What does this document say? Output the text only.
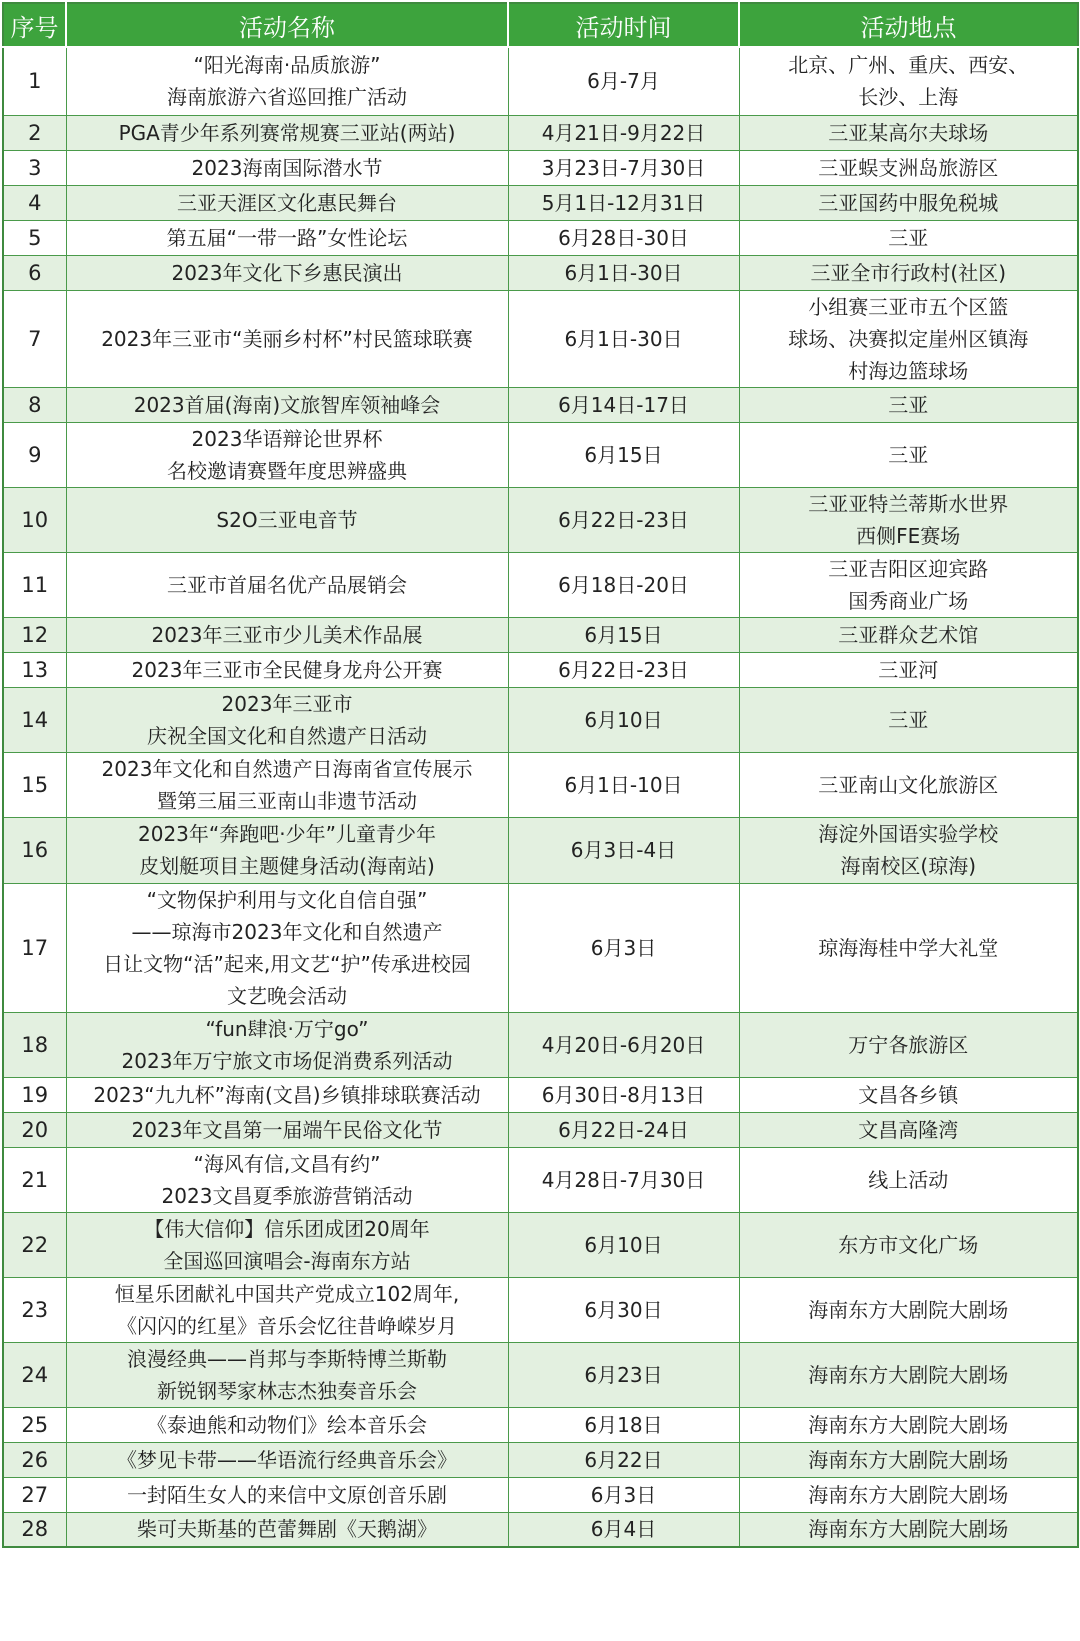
序号	活动名称	活动时间	活动地点
1	“阳光海南·品质旅游”
海南旅游六省巡回推广活动	6月-7月	北京、广州、重庆、西安、
长沙、上海
2	PGA青少年系列赛常规赛三亚站(两站)	4月21日-9月22日	三亚某高尔夫球场
3	2023海南国际潜水节	3月23日-7月30日	三亚蜈支洲岛旅游区
4	三亚天涯区文化惠民舞台	5月1日-12月31日	三亚国药中服免税城
5	第五届“一带一路”女性论坛	6月28日-30日	三亚
6	2023年文化下乡惠民演出	6月1日-30日	三亚全市行政村(社区)
7	2023年三亚市“美丽乡村杯”村民篮球联赛	6月1日-30日	小组赛三亚市五个区篮
球场、决赛拟定崖州区镇海
村海边篮球场
8	2023首届(海南)文旅智库领袖峰会	6月14日-17日	三亚
9	2023华语辩论世界杯
名校邀请赛暨年度思辨盛典	6月15日	三亚
10	S2O三亚电音节	6月22日-23日	三亚亚特兰蒂斯水世界
西侧FE赛场
11	三亚市首届名优产品展销会	6月18日-20日	三亚吉阳区迎宾路
国秀商业广场
12	2023年三亚市少儿美术作品展	6月15日	三亚群众艺术馆
13	2023年三亚市全民健身龙舟公开赛	6月22日-23日	三亚河
14	2023年三亚市
庆祝全国文化和自然遗产日活动	6月10日	三亚
15	2023年文化和自然遗产日海南省宣传展示
暨第三届三亚南山非遗节活动	6月1日-10日	三亚南山文化旅游区
16	2023年“奔跑吧·少年”儿童青少年
皮划艇项目主题健身活动(海南站)	6月3日-4日	海淀外国语实验学校
海南校区(琼海)
17	“文物保护利用与文化自信自强”
——琼海市2023年文化和自然遗产
日让文物“活”起来,用文艺“护”传承进校园
文艺晚会活动	6月3日	琼海海桂中学大礼堂
18	“fun肆浪·万宁go”
2023年万宁旅文市场促消费系列活动	4月20日-6月20日	万宁各旅游区
19	2023“九九杯”海南(文昌)乡镇排球联赛活动	6月30日-8月13日	文昌各乡镇
20	2023年文昌第一届端午民俗文化节	6月22日-24日	文昌高隆湾
21	“海风有信,文昌有约”
2023文昌夏季旅游营销活动	4月28日-7月30日	线上活动
22	【伟大信仰】信乐团成团20周年
全国巡回演唱会-海南东方站	6月10日	东方市文化广场
23	恒星乐团献礼中国共产党成立102周年,
《闪闪的红星》音乐会忆往昔峥嵘岁月	6月30日	海南东方大剧院大剧场
24	浪漫经典——肖邦与李斯特博兰斯勒
新锐钢琴家林志杰独奏音乐会	6月23日	海南东方大剧院大剧场
25	《泰迪熊和动物们》绘本音乐会	6月18日	海南东方大剧院大剧场
26	《梦见卡带——华语流行经典音乐会》	6月22日	海南东方大剧院大剧场
27	一封陌生女人的来信中文原创音乐剧	6月3日	海南东方大剧院大剧场
28	柴可夫斯基的芭蕾舞剧《天鹅湖》	6月4日	海南东方大剧院大剧场
